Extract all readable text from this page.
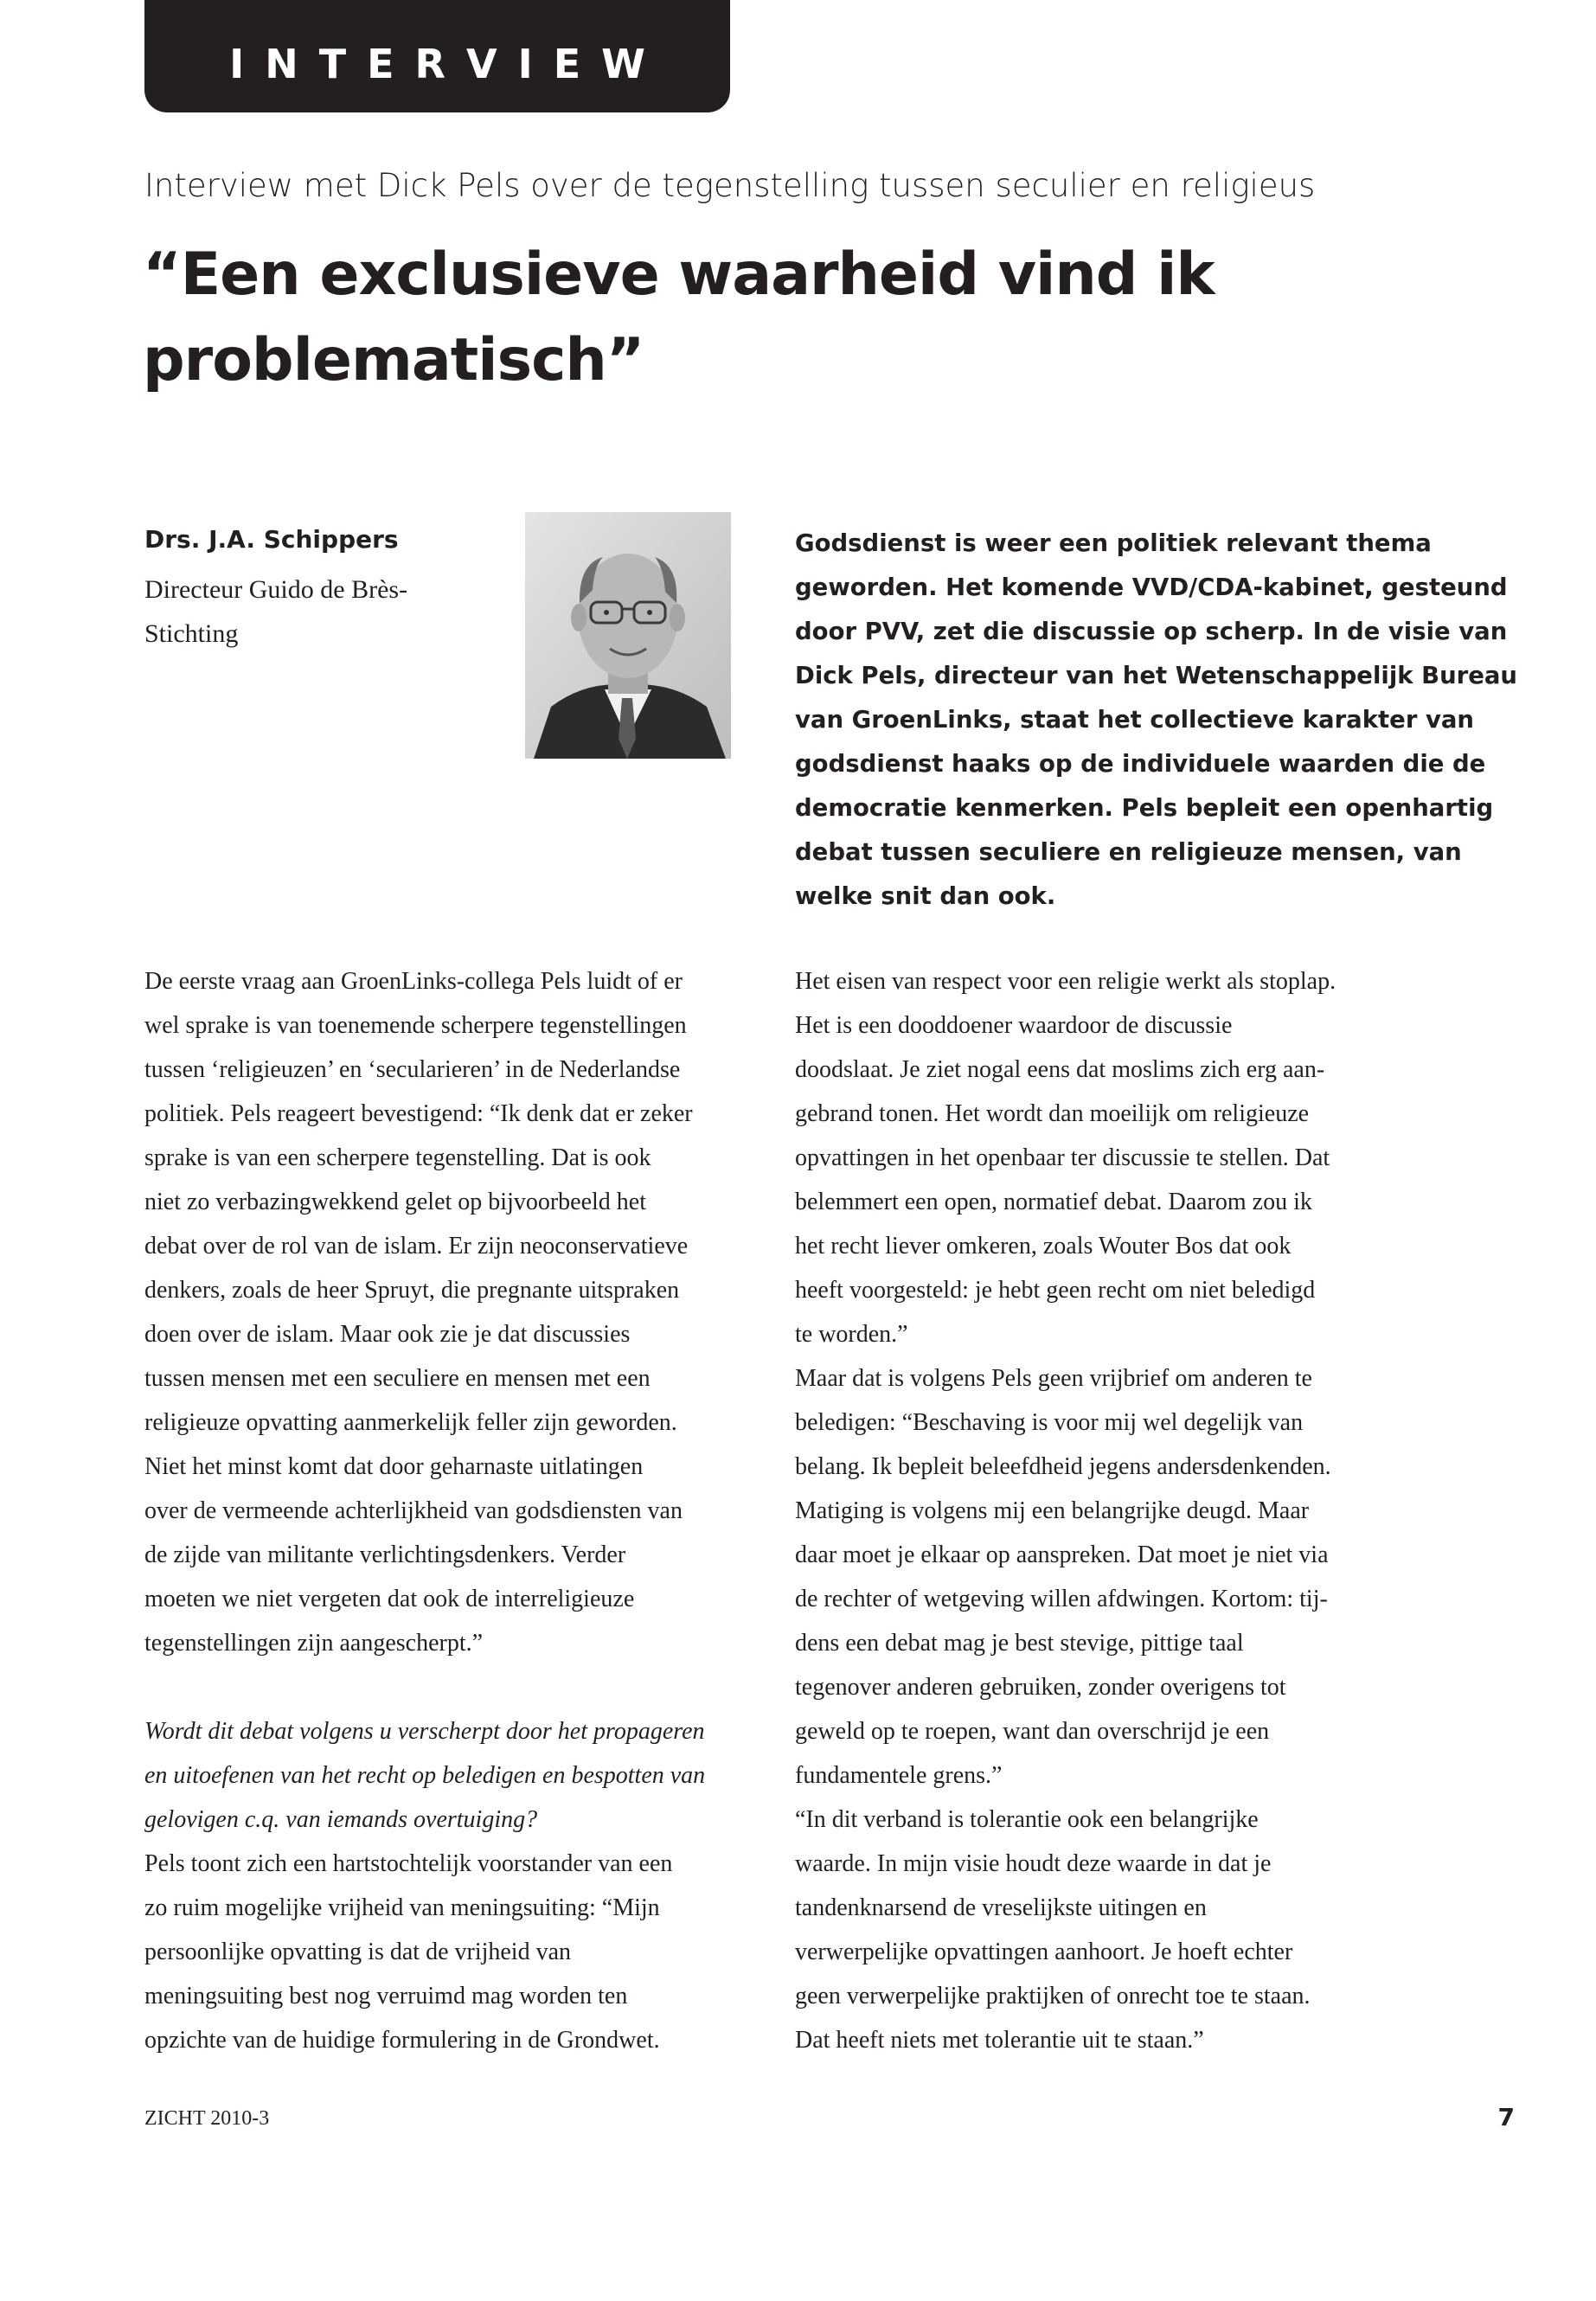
INTERVIEW
Interview met Dick Pels over de tegenstelling tussen seculier en religieus
“Een exclusieve waarheid vind ik
problematisch”
Drs. J.A. Schippers
Directeur Guido de Brès-
Stichting
Godsdienst is weer een politiek relevant thema geworden. Het komende VVD/CDA-kabinet, gesteund door PVV, zet die discussie op scherp. In de visie van Dick Pels, directeur van het Wetenschappelijk Bureau van GroenLinks, staat het collectieve karakter van godsdienst haaks op de individuele waarden die de democratie kenmerken. Pels bepleit een openhartig debat tussen seculiere en religieuze mensen, van welke snit dan ook.

De eerste vraag aan GroenLinks-collega Pels luidt of er

wel sprake is van toenemende scherpere tegenstellingen

tussen ‘religieuzen’ en ‘secularieren’ in de Nederlandse

politiek. Pels reageert bevestigend: “Ik denk dat er zeker

sprake is van een scherpere tegenstelling. Dat is ook

niet zo verbazingwekkend gelet op bijvoorbeeld het

debat over de rol van de islam. Er zijn neoconservatieve

denkers, zoals de heer Spruyt, die pregnante uitspraken

doen over de islam. Maar ook zie je dat discussies

tussen mensen met een seculiere en mensen met een

religieuze opvatting aanmerkelijk feller zijn geworden.

Niet het minst komt dat door geharnaste uitlatingen

over de vermeende achterlijkheid van godsdiensten van

de zijde van militante verlichtingsdenkers. Verder

moeten we niet vergeten dat ook de interreligieuze

tegenstellingen zijn aangescherpt.”

Wordt dit debat volgens u verscherpt door het propageren

en uitoefenen van het recht op beledigen en bespotten van

gelovigen c.q. van iemands overtuiging?

Pels toont zich een hartstochtelijk voorstander van een

zo ruim mogelijke vrijheid van meningsuiting: “Mijn

persoonlijke opvatting is dat de vrijheid van

meningsuiting best nog verruimd mag worden ten

opzichte van de huidige formulering in de Grondwet.

Het eisen van respect voor een religie werkt als stoplap.

Het is een dooddoener waardoor de discussie

doodslaat. Je ziet nogal eens dat moslims zich erg aan-

gebrand tonen. Het wordt dan moeilijk om religieuze

opvattingen in het openbaar ter discussie te stellen. Dat

belemmert een open, normatief debat. Daarom zou ik

het recht liever omkeren, zoals Wouter Bos dat ook

heeft voorgesteld: je hebt geen recht om niet beledigd

te worden.”

Maar dat is volgens Pels geen vrijbrief om anderen te

beledigen: “Beschaving is voor mij wel degelijk van

belang. Ik bepleit beleefdheid jegens andersdenkenden.

Matiging is volgens mij een belangrijke deugd. Maar

daar moet je elkaar op aanspreken. Dat moet je niet via

de rechter of wetgeving willen afdwingen. Kortom: tij-

dens een debat mag je best stevige, pittige taal

tegenover anderen gebruiken, zonder overigens tot

geweld op te roepen, want dan overschrijd je een

fundamentele grens.”

“In dit verband is tolerantie ook een belangrijke

waarde. In mijn visie houdt deze waarde in dat je

tandenknarsend de vreselijkste uitingen en

verwerpelijke opvattingen aanhoort. Je hoeft echter

geen verwerpelijke praktijken of onrecht toe te staan.

Dat heeft niets met tolerantie uit te staan.”

ZICHT 2010-3	7
